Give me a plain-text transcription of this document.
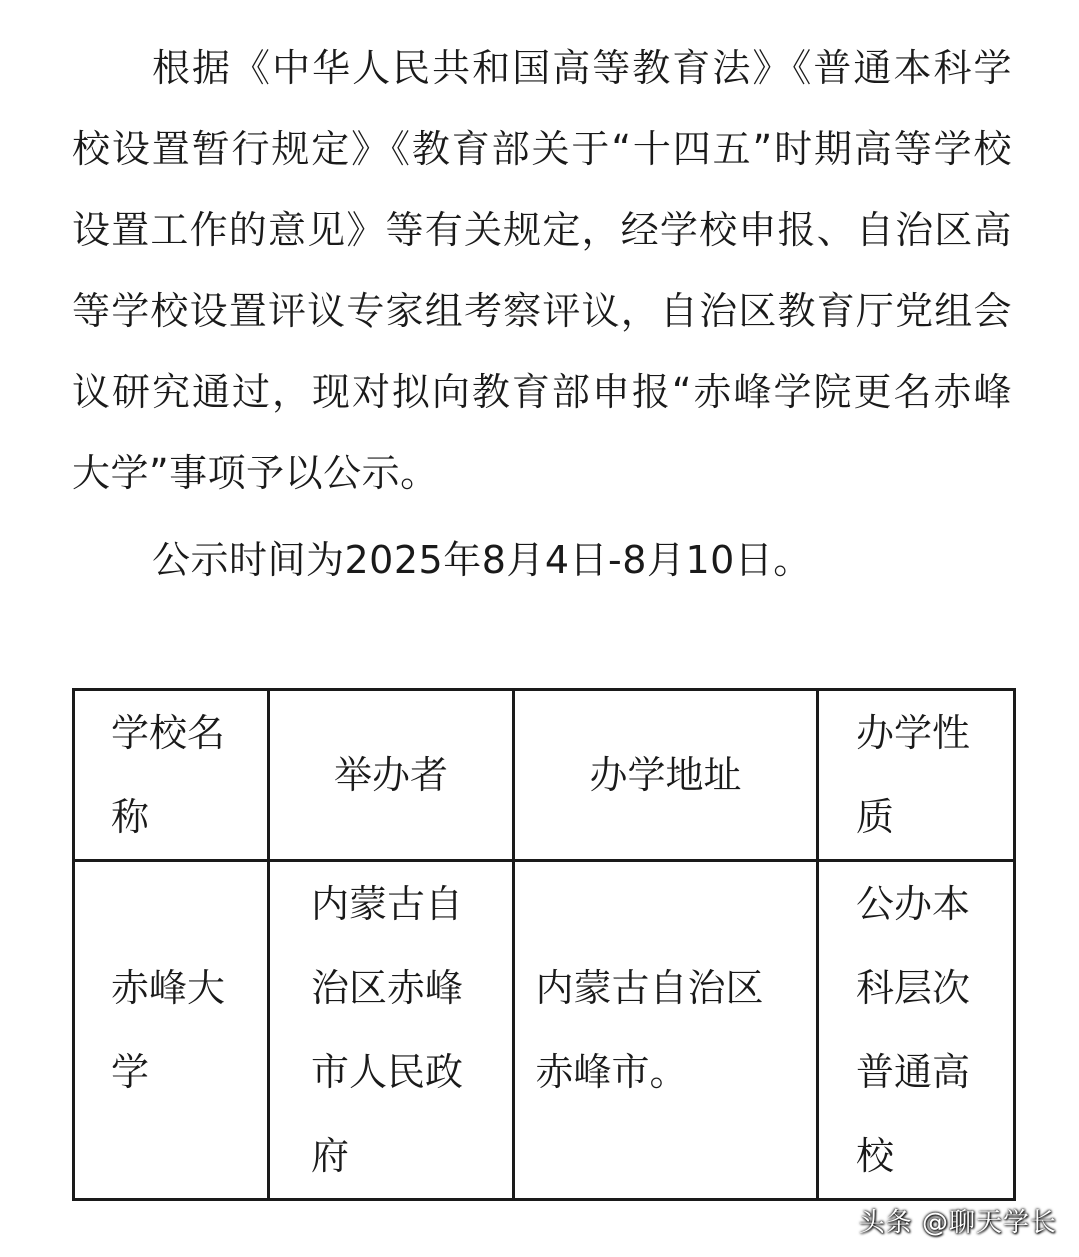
根据《中华人民共和国高等教育法》《普通本科学校设置暂行规定》《教育部关于“十四五”时期高等学校设置工作的意见》等有关规定，经学校申报、自治区高等学校设置评议专家组考察评议，自治区教育厅党组会议研究通过，现对拟向教育部申报“赤峰学院更名赤峰大学”事项予以公示。

公示时间为2025年8月4日-8月10日。

学校名称	举办者	办学地址	办学性质

赤峰大学	内蒙古自治区赤峰市人民政府	内蒙古自治区赤峰市。	公办本科层次普通高校
头条 @聊天学长
